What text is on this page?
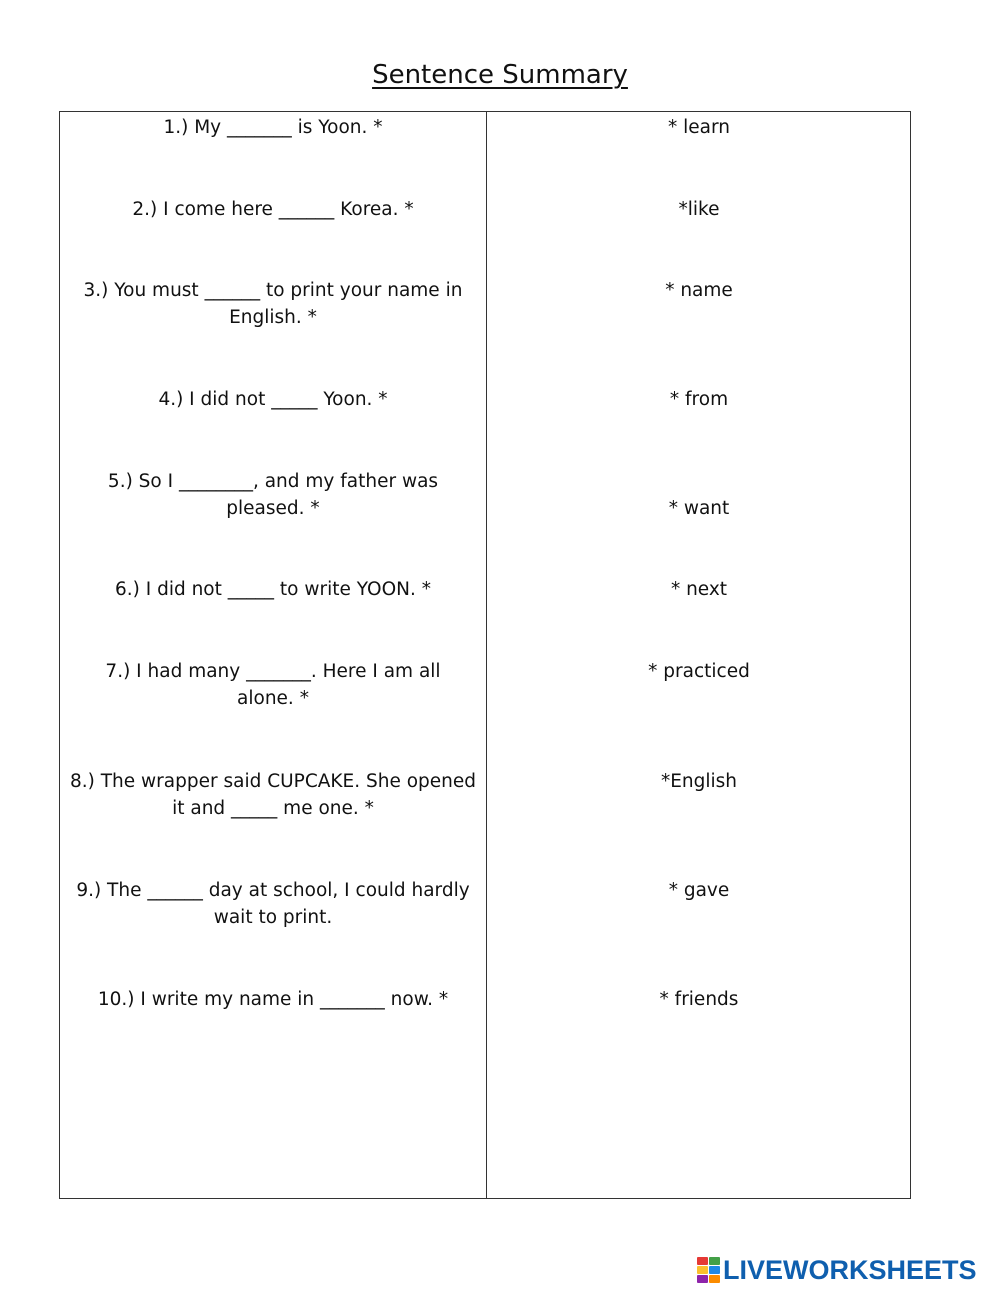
Sentence Summary
1.) My _______ is Yoon. *
2.) I come here ______ Korea. *
3.) You must ______ to print your name in
English. *
4.) I did not _____ Yoon. *
5.) So I ________, and my father was
pleased. *
6.) I did not _____ to write YOON. *
7.) I had many _______. Here I am all
alone. *
8.) The wrapper said CUPCAKE. She opened
it and _____ me one. *
9.) The ______ day at school, I could hardly
wait to print.
10.) I write my name in _______ now. *
* learn
*like
* name
* from
* want
* next
* practiced
*English
* gave
* friends
LIVEWORKSHEETS
